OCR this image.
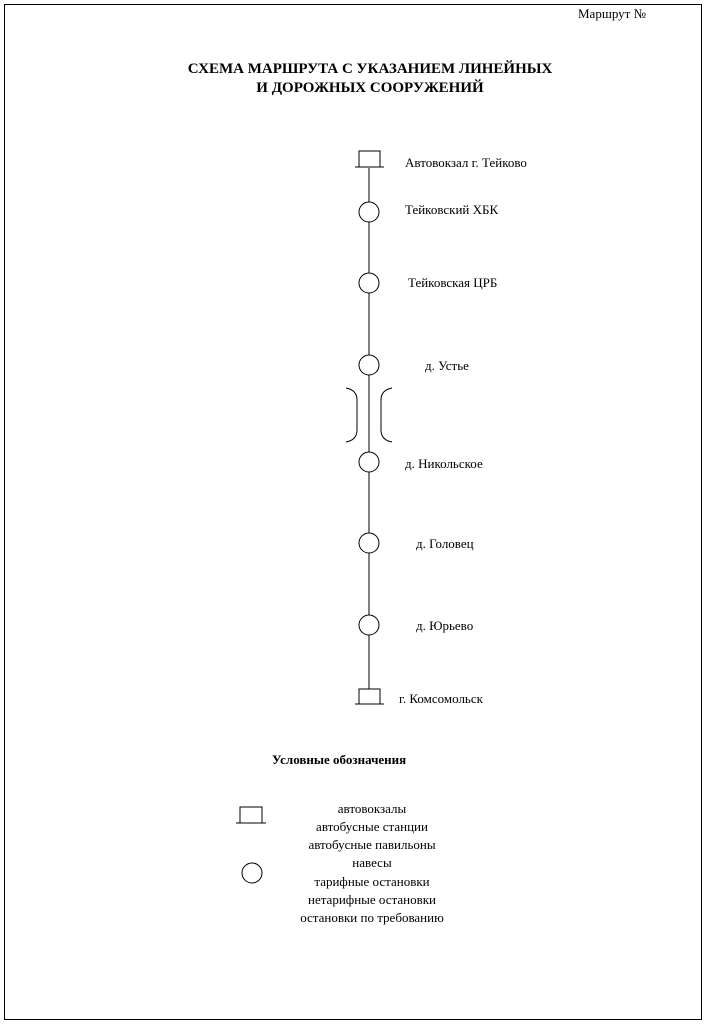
Маршрут №
СХЕМА МАРШРУТА С УКАЗАНИЕМ ЛИНЕЙНЫХ
И ДОРОЖНЫХ СООРУЖЕНИЙ
Автовокзал г. Тейково
Тейковский ХБК
Тейковская ЦРБ
д. Устье
д. Никольское
д. Головец
д. Юрьево
г. Комсомольск
Условные обозначения
автовокзалы
автобусные станции
автобусные павильоны
навесы
тарифные остановки
нетарифные остановки
остановки по требованию
